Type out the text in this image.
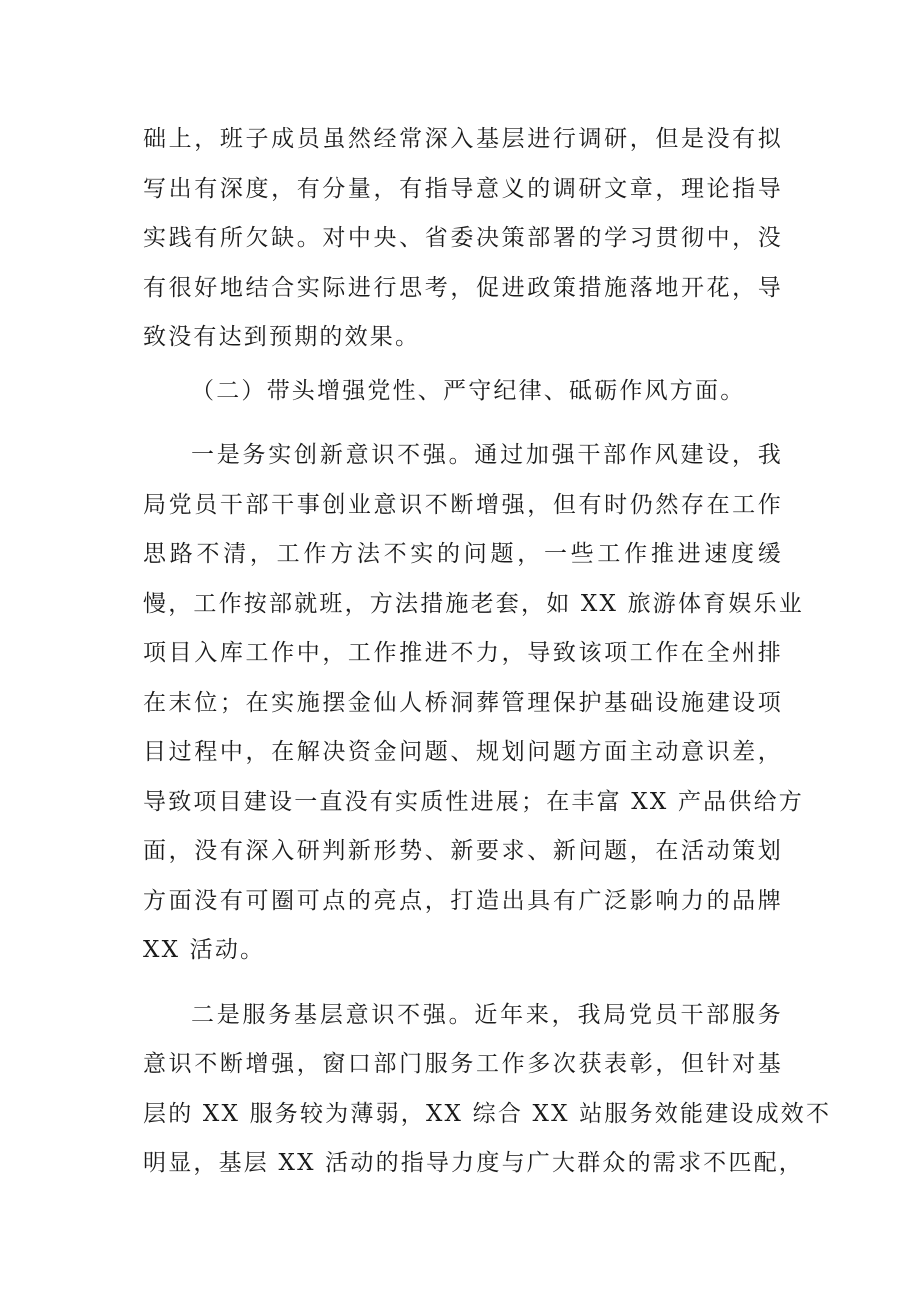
础上，班子成员虽然经常深入基层进行调研，但是没有拟
写出有深度，有分量，有指导意义的调研文章，理论指导
实践有所欠缺。对中央、省委决策部署的学习贯彻中，没
有很好地结合实际进行思考，促进政策措施落地开花，导
致没有达到预期的效果。
（二）带头增强党性、严守纪律、砥砺作风方面。
一是务实创新意识不强。通过加强干部作风建设，我
局党员干部干事创业意识不断增强，但有时仍然存在工作
思路不清，工作方法不实的问题，一些工作推进速度缓
慢，工作按部就班，方法措施老套，如 XX 旅游体育娱乐业
项目入库工作中，工作推进不力，导致该项工作在全州排
在末位；在实施摆金仙人桥洞葬管理保护基础设施建设项
目过程中，在解决资金问题、规划问题方面主动意识差，
导致项目建设一直没有实质性进展；在丰富 XX 产品供给方
面，没有深入研判新形势、新要求、新问题，在活动策划
方面没有可圈可点的亮点，打造出具有广泛影响力的品牌
XX 活动。
二是服务基层意识不强。近年来，我局党员干部服务
意识不断增强，窗口部门服务工作多次获表彰，但针对基
层的 XX 服务较为薄弱，XX 综合 XX 站服务效能建设成效不
明显，基层 XX 活动的指导力度与广大群众的需求不匹配，
